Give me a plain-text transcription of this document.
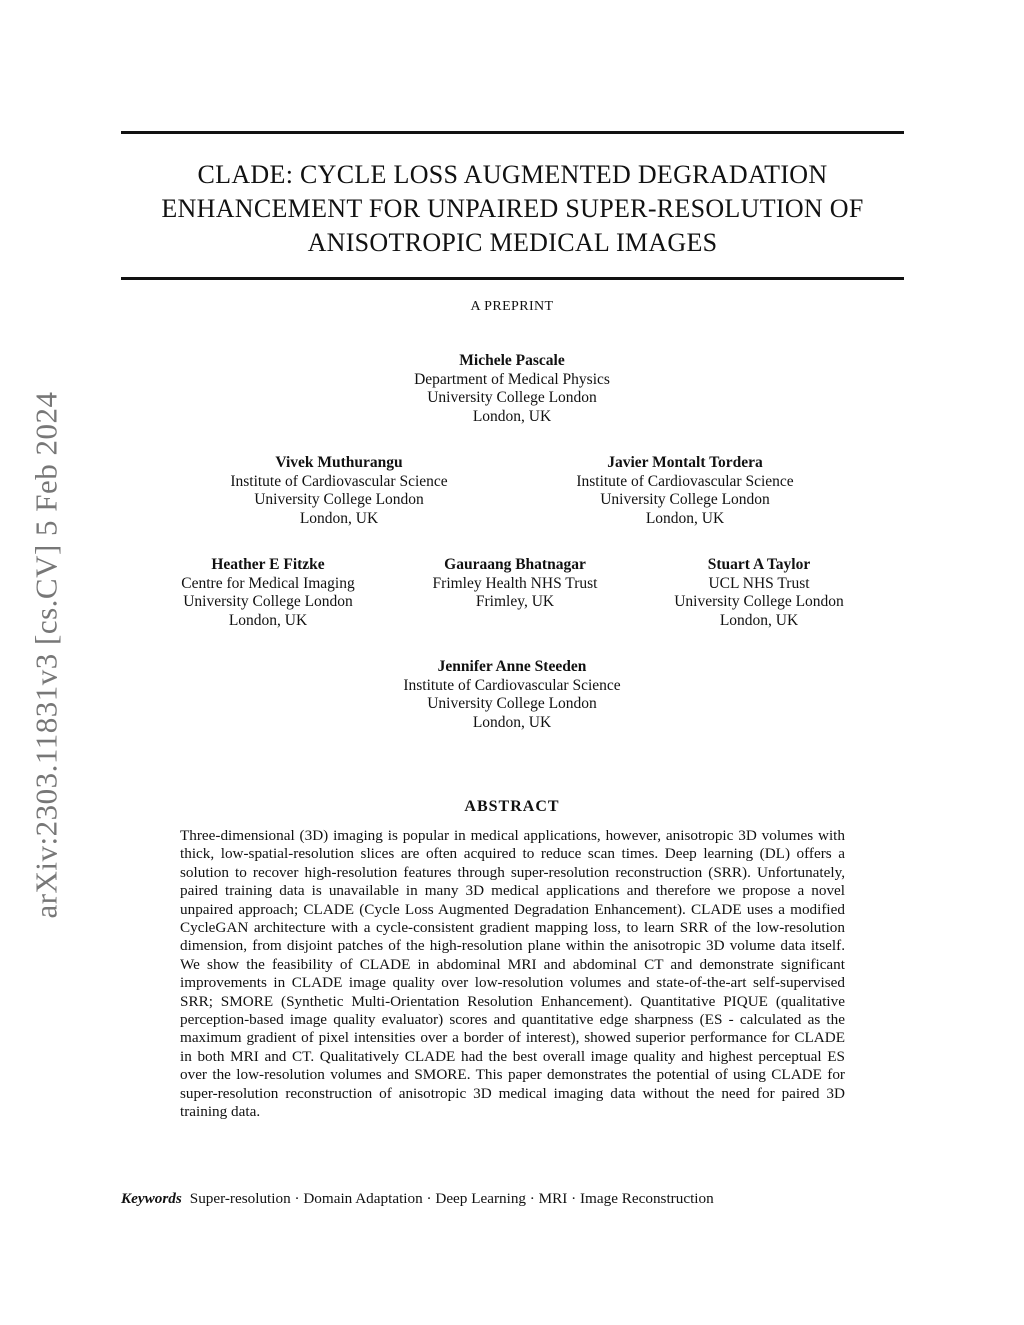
arXiv:2303.11831v3 [cs.CV] 5 Feb 2024
CLADE: CYCLE LOSS AUGMENTED DEGRADATION
ENHANCEMENT FOR UNPAIRED SUPER-RESOLUTION OF
ANISOTROPIC MEDICAL IMAGES
A PREPRINT
Michele Pascale
Department of Medical Physics
University College London
London, UK
Vivek Muthurangu
Institute of Cardiovascular Science
University College London
London, UK
Javier Montalt Tordera
Institute of Cardiovascular Science
University College London
London, UK
Heather E Fitzke
Centre for Medical Imaging
University College London
London, UK
Gauraang Bhatnagar
Frimley Health NHS Trust
Frimley, UK
Stuart A Taylor
UCL NHS Trust
University College London
London, UK
Jennifer Anne Steeden
Institute of Cardiovascular Science
University College London
London, UK
ABSTRACT
Three-dimensional (3D) imaging is popular in medical applications, however, anisotropic 3D volumes with thick, low-spatial-resolution slices are often acquired to reduce scan times. Deep learning (DL) offers a solution to recover high-resolution features through super-resolution reconstruction (SRR). Unfortunately, paired training data is unavailable in many 3D medical applications and therefore we propose a novel unpaired approach; CLADE (Cycle Loss Augmented Degradation Enhancement). CLADE uses a modified CycleGAN architecture with a cycle-consistent gradient mapping loss, to learn SRR of the low-resolution dimension, from disjoint patches of the high-resolution plane within the anisotropic 3D volume data itself. We show the feasibility of CLADE in abdominal MRI and abdominal CT and demonstrate significant improvements in CLADE image quality over low-resolution volumes and state-of-the-art self-supervised SRR; SMORE (Synthetic Multi-Orientation Resolution Enhancement). Quantitative PIQUE (qualitative perception-based image quality evaluator) scores and quantitative edge sharpness (ES - calculated as the maximum gradient of pixel intensities over a border of interest), showed superior performance for CLADE in both MRI and CT. Qualitatively CLADE had the best overall image quality and highest perceptual ES over the low-resolution volumes and SMORE. This paper demonstrates the potential of using CLADE for super-resolution reconstruction of anisotropic 3D medical imaging data without the need for paired 3D training data.
Keywords Super-resolution · Domain Adaptation · Deep Learning · MRI · Image Reconstruction
